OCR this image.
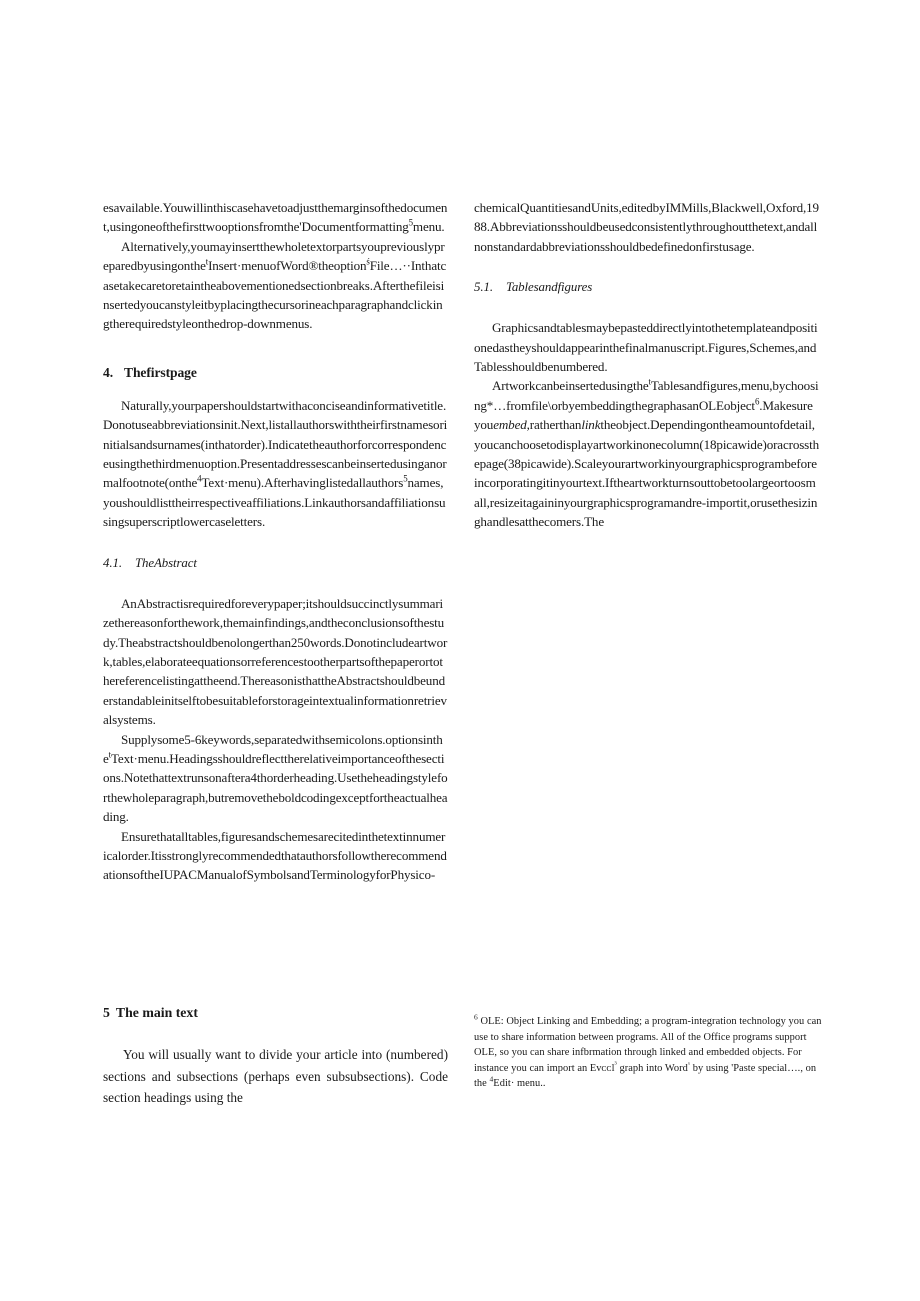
esavailable.Youwillinthiscasehavetoadjustthemarginsofthedocument,usingoneofthefirsttwooptionsfromthe'Documentformatting$^5$menu.

Alternatively,youmayinsertthewholetextorpartsyoupreviouslypreparedbyusingonthe$^t$Insert·menuofWord®theoption$^ś$File…··Inthatcasetakecaretoretaintheabovementionedsectionbreaks.Afterthefileisinsertedyoucanstyleitbyplacingthecursorineachparagraphandclickingtherequiredstyleonthedrop-downmenus.

4. Thefirstpage

Naturally,yourpapershouldstartwithaconciseandinformativetitle.Donotuseabbreviationsinit.Next,listallauthorswiththeirfirstnamesorinitialsandsurnames(inthatorder).Indicatetheauthorforcorrespondenceusingthethirdmenuoption.Presentaddressescanbeinsertedusinganormalfootnote(onthe$^4$Text·menu).Afterhavinglistedallauthors$^5$names,youshouldlisttheirrespectiveaffiliations.Linkauthorsandaffiliationsusingsuperscriptlowercaseletters.

4.1. TheAbstract

AnAbstractisrequiredforeverypaper;itshouldsuccinctlysummarizethereasonforthework,themainfindings,andtheconclusionsofthestudy.Theabstractshouldbenolongerthan250words.Donotincludeartwork,tables,elaborateequationsorreferencestootherpartsofthepaperortothereferencelistingattheend.ThereasonisthattheAbstractshouldbeunderstandableinitselftobesuitableforstorageintextualinformationretrievalsystems.

Supplysome5-6keywords,separatedwithsemicolons.optionsinthe$^t$Text·menu.Headingsshouldreflecttherelativeimportanceofthesections.Notethattextrunsonaftera4thorderheading.Usetheheadingstyleforthewholeparagraph,butremovetheboldcodingexceptfortheactualheading.

Ensurethatalltables,figuresandschemesarecitedinthetextinnumericalorder.ItisstronglyrecommendedthatauthorsfollowtherecommendationsoftheIUPACManualofSymbolsandTerminologyforPhysico-

5 The main text

You will usually want to divide your article into (numbered) sections and subsections (perhaps even subsubsections). Code section headings using the

chemicalQuantitiesandUnits,editedbyIMMills,Blackwell,Oxford,1988.Abbreviationsshouldbeusedconsistentlythroughoutthetext,andallnonstandardabbreviationsshouldbedefinedonfirstusage.

5.1. Tablesandfigures

Graphicsandtablesmaybepasteddirectlyintothetemplateandpositionedastheyshouldappearinthefinalmanuscript.Figures,Schemes,andTablesshouldbenumbered.

Artworkcanbeinsertedusingthe$^t$Tablesandfigures,menu,bychoosing*…fromfile\orbyembeddingthegraphasanOLEobject$^6$.Makesureyouembed,ratherthanlinktheobject.Dependingontheamountofdetail,youcanchoosetodisplayartworkinonecolumn(18picawide)oracrossthepage(38picawide).Scaleyourartworkinyourgraphicsprogrambeforeincorporatingitinyourtext.Iftheartworkturnsouttobetoolargeortoosmall,resizeitagaininyourgraphicsprogramandre-importit,orusethesizinghandlesatthecomers.The

$^6$ OLE: Object Linking and Embedding; a program-integration technology you can use to share information between programs. All of the Office programs support OLE, so you can share infbrmation through linked and embedded objects. For instance you can import an Eᴠᴄᴄl$^{^3}$ graph into Word$^ˣ$ by using 'Paste special…., on the $^4$Edit· menu..
